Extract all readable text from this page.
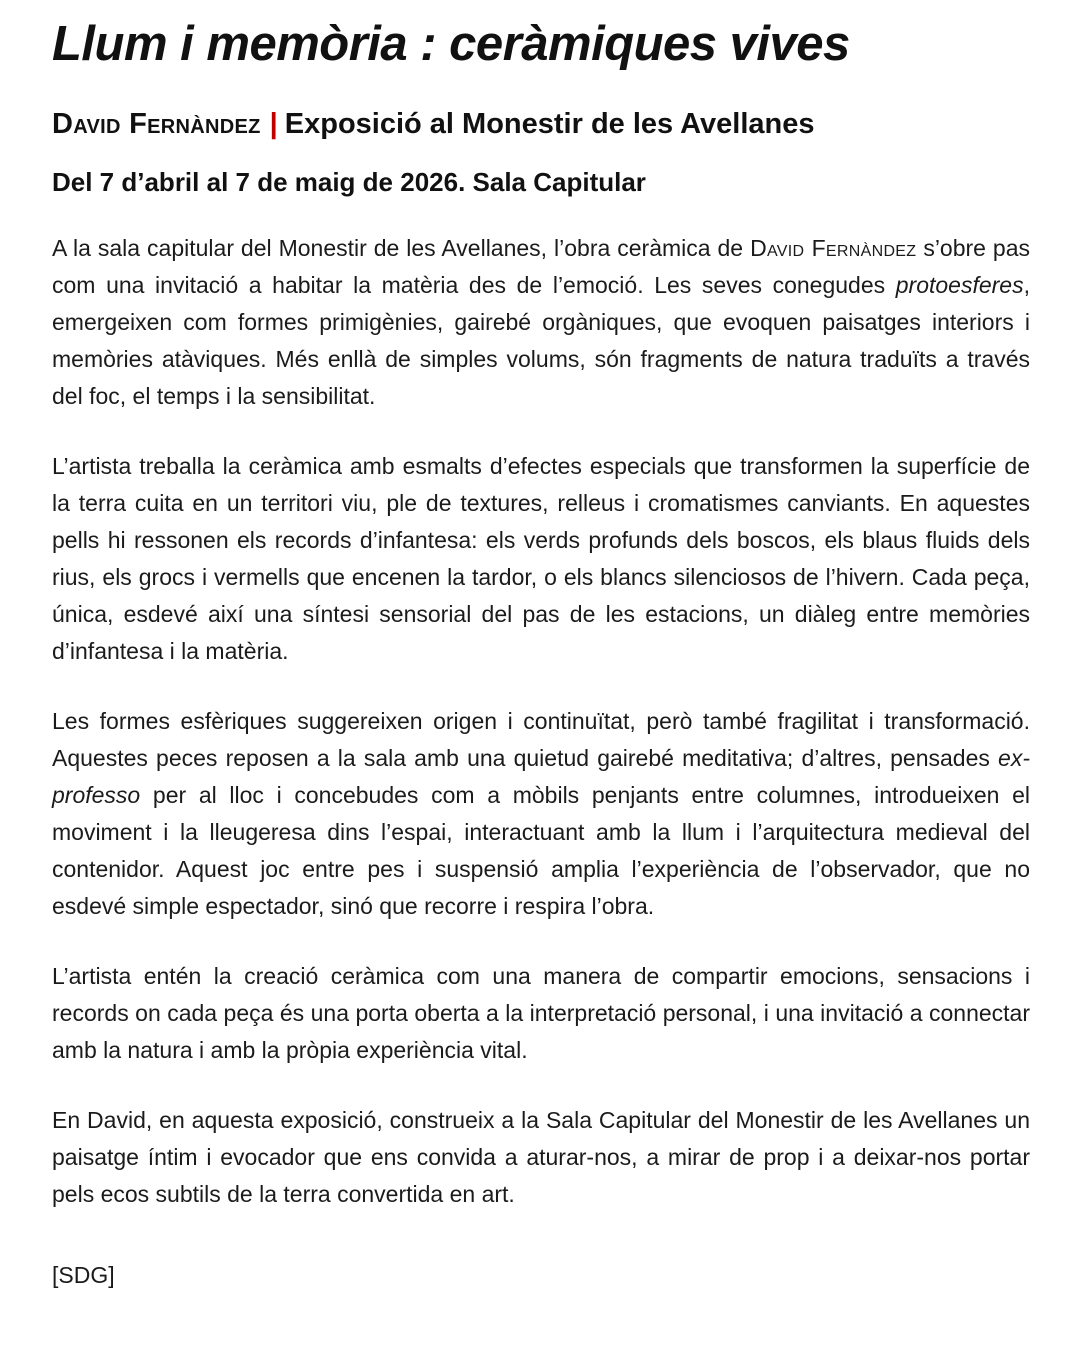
Llum i memòria : ceràmiques vives
David Fernàndez | Exposició al Monestir de les Avellanes
Del 7 d’abril al 7 de maig de 2026. Sala Capitular

A la sala capitular del Monestir de les Avellanes, l’obra ceràmica de David Fernàndez s’obre pas com una invitació a habitar la matèria des de l’emoció. Les seves conegudes protoesferes, emergeixen com formes primigènies, gairebé orgàniques, que evoquen paisatges interiors i memòries atàviques. Més enllà de simples volums, són fragments de natura traduïts a través del foc, el temps i la sensibilitat.

L’artista treballa la ceràmica amb esmalts d’efectes especials que transformen la superfície de la terra cuita en un territori viu, ple de textures, relleus i cromatismes canviants. En aquestes pells hi ressonen els records d’infantesa: els verds profunds dels boscos, els blaus fluids dels rius, els grocs i vermells que encenen la tardor, o els blancs silenciosos de l’hivern. Cada peça, única, esdevé així una síntesi sensorial del pas de les estacions, un diàleg entre memòries d’infantesa i la matèria.

Les formes esfèriques suggereixen origen i continuïtat, però també fragilitat i transformació. Aquestes peces reposen a la sala amb una quietud gairebé meditativa; d’altres, pensades ex-professo per al lloc i concebudes com a mòbils penjants entre columnes, introdueixen el moviment i la lleugeresa dins l’espai, interactuant amb la llum i l’arquitectura medieval del contenidor. Aquest joc entre pes i suspensió amplia l’experiència de l’observador, que no esdevé simple espectador, sinó que recorre i respira l’obra.

L’artista entén la creació ceràmica com una manera de compartir emocions, sensacions i records on cada peça és una porta oberta a la interpretació personal, i una invitació a connectar amb la natura i amb la pròpia experiència vital.

En David, en aquesta exposició, construeix a la Sala Capitular del Monestir de les Avellanes un paisatge íntim i evocador que ens convida a aturar-nos, a mirar de prop i a deixar-nos portar pels ecos subtils de la terra convertida en art.

[SDG]
